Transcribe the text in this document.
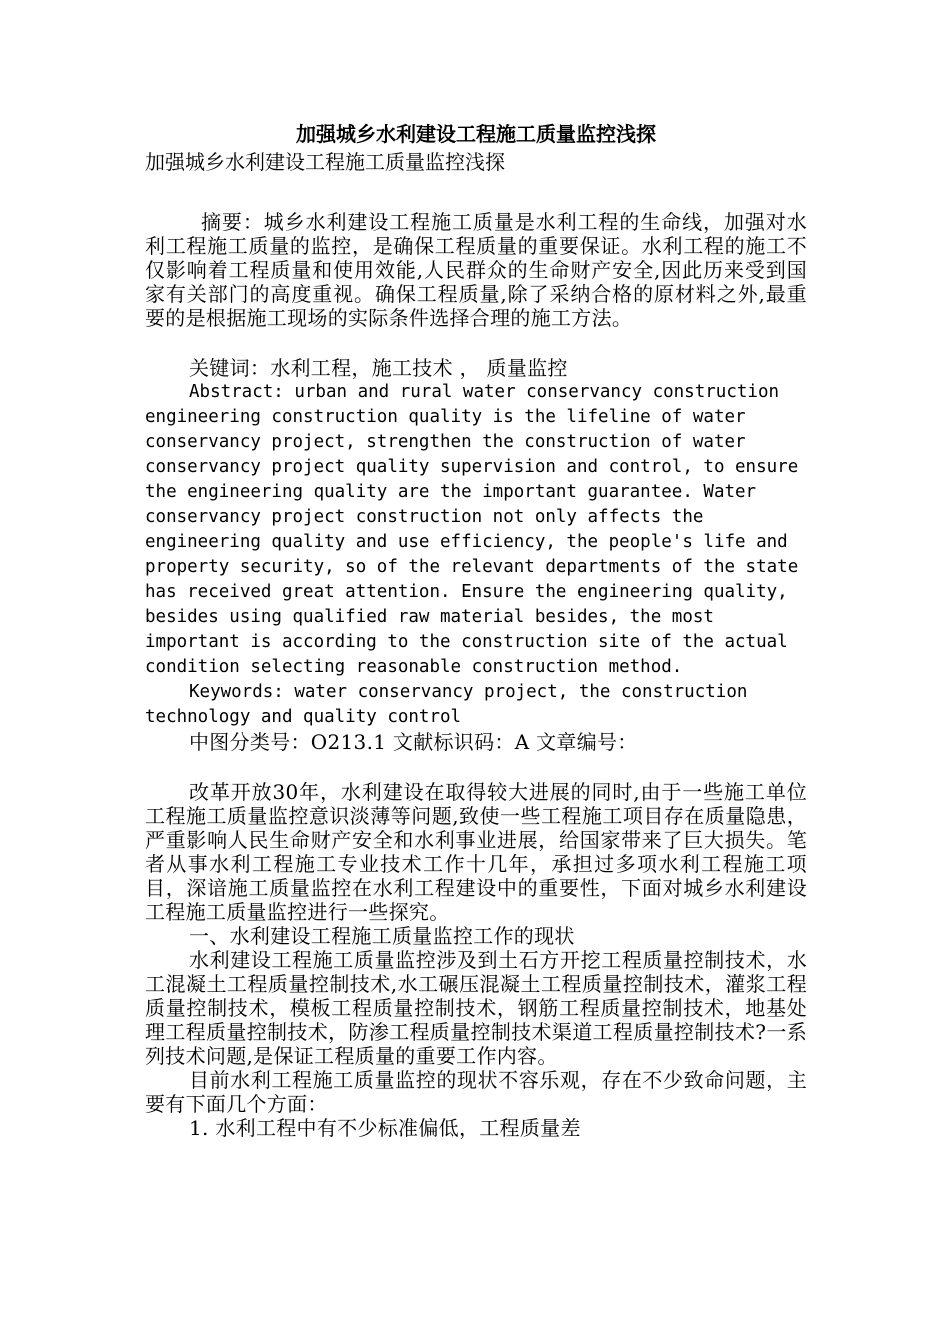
加强城乡水利建设工程施工质量监控浅探

加强城乡水利建设工程施工质量监控浅探

摘要：城乡水利建设工程施工质量是水利工程的生命线，加强对水利工程施工质量的监控，是确保工程质量的重要保证。水利工程的施工不仅影响着工程质量和使用效能,人民群众的生命财产安全,因此历来受到国家有关部门的高度重视。确保工程质量,除了采纳合格的原材料之外,最重要的是根据施工现场的实际条件选择合理的施工方法。

关键词：水利工程，施工技术 ， 质量监控

Abstract: urban and rural water conservancy construction engineering construction quality is the lifeline of water conservancy project, strengthen the construction of water conservancy project quality supervision and control, to ensure the engineering quality are the important guarantee. Water conservancy project construction not only affects the engineering quality and use efficiency, the people's life and property security, so of the relevant departments of the state has received great attention. Ensure the engineering quality, besides using qualified raw material besides, the most important is according to the construction site of the actual condition selecting reasonable construction method.

Keywords: water conservancy project, the construction technology and quality control

中图分类号：O213.1 文献标识码：A 文章编号：

改革开放30年，水利建设在取得较大进展的同时,由于一些施工单位工程施工质量监控意识淡薄等问题,致使一些工程施工项目存在质量隐患，严重影响人民生命财产安全和水利事业进展，给国家带来了巨大损失。笔者从事水利工程施工专业技术工作十几年，承担过多项水利工程施工项目，深谙施工质量监控在水利工程建设中的重要性，下面对城乡水利建设工程施工质量监控进行一些探究。

一、水利建设工程施工质量监控工作的现状

水利建设工程施工质量监控涉及到土石方开挖工程质量控制技术，水工混凝土工程质量控制技术,水工碾压混凝土工程质量控制技术，灌浆工程质量控制技术，模板工程质量控制技术，钢筋工程质量控制技术，地基处理工程质量控制技术，防渗工程质量控制技术渠道工程质量控制技术?一系列技术问题,是保证工程质量的重要工作内容。

目前水利工程施工质量监控的现状不容乐观，存在不少致命问题，主要有下面几个方面：

1. 水利工程中有不少标准偏低，工程质量差
